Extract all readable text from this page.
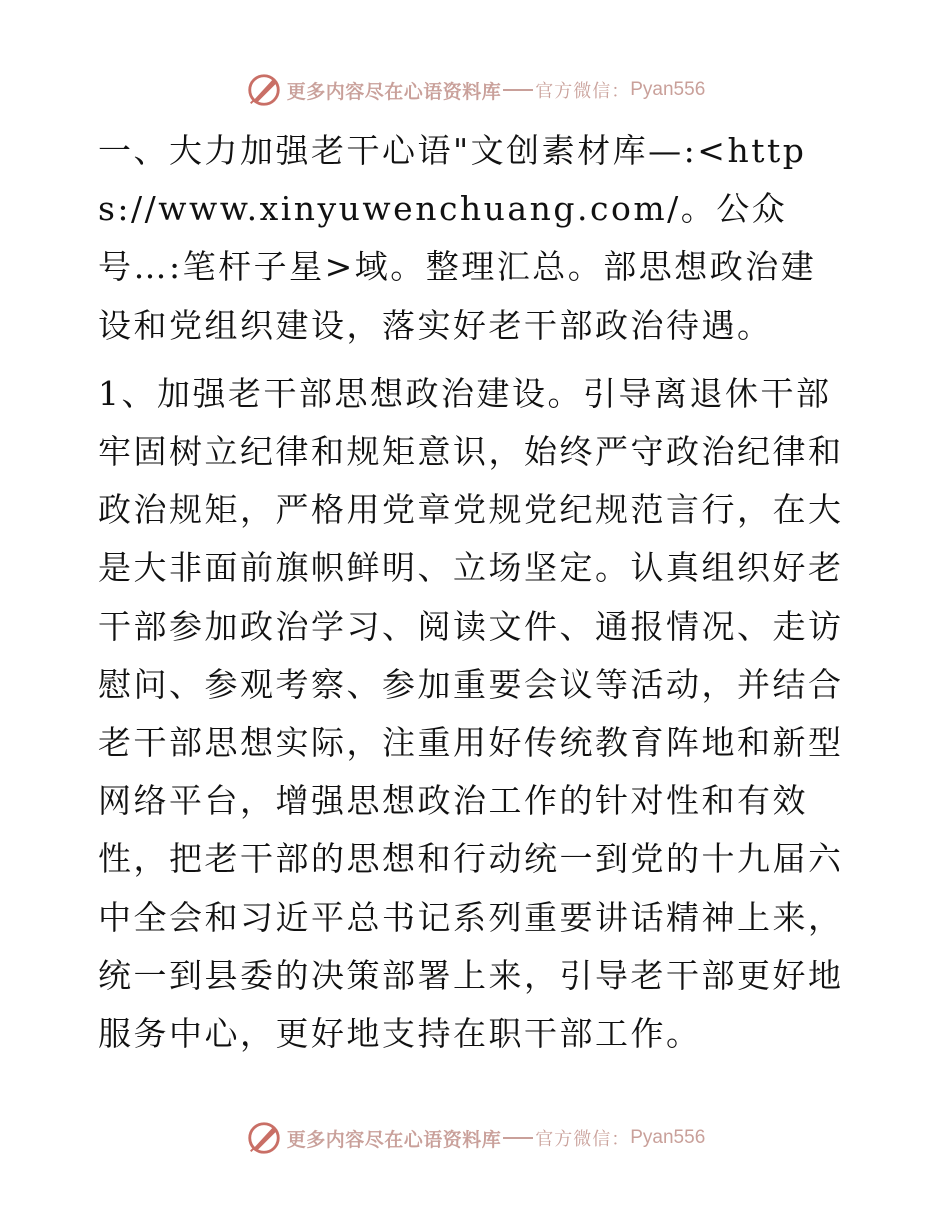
更多内容尽在心语资料库 官方微信： Pyan556

一、大力加强老干心语"文创素材库—:<https://www.xinyuwenchuang.com/。公众号…:笔杆子星>域。整理汇总。部思想政治建设和党组织建设，落实好老干部政治待遇。

1、加强老干部思想政治建设。引导离退休干部牢固树立纪律和规矩意识，始终严守政治纪律和政治规矩，严格用党章党规党纪规范言行，在大是大非面前旗帜鲜明、立场坚定。认真组织好老干部参加政治学习、阅读文件、通报情况、走访慰问、参观考察、参加重要会议等活动，并结合老干部思想实际，注重用好传统教育阵地和新型网络平台，增强思想政治工作的针对性和有效性，把老干部的思想和行动统一到党的十九届六中全会和习近平总书记系列重要讲话精神上来，统一到县委的决策部署上来，引导老干部更好地服务中心，更好地支持在职干部工作。

更多内容尽在心语资料库 官方微信： Pyan556
